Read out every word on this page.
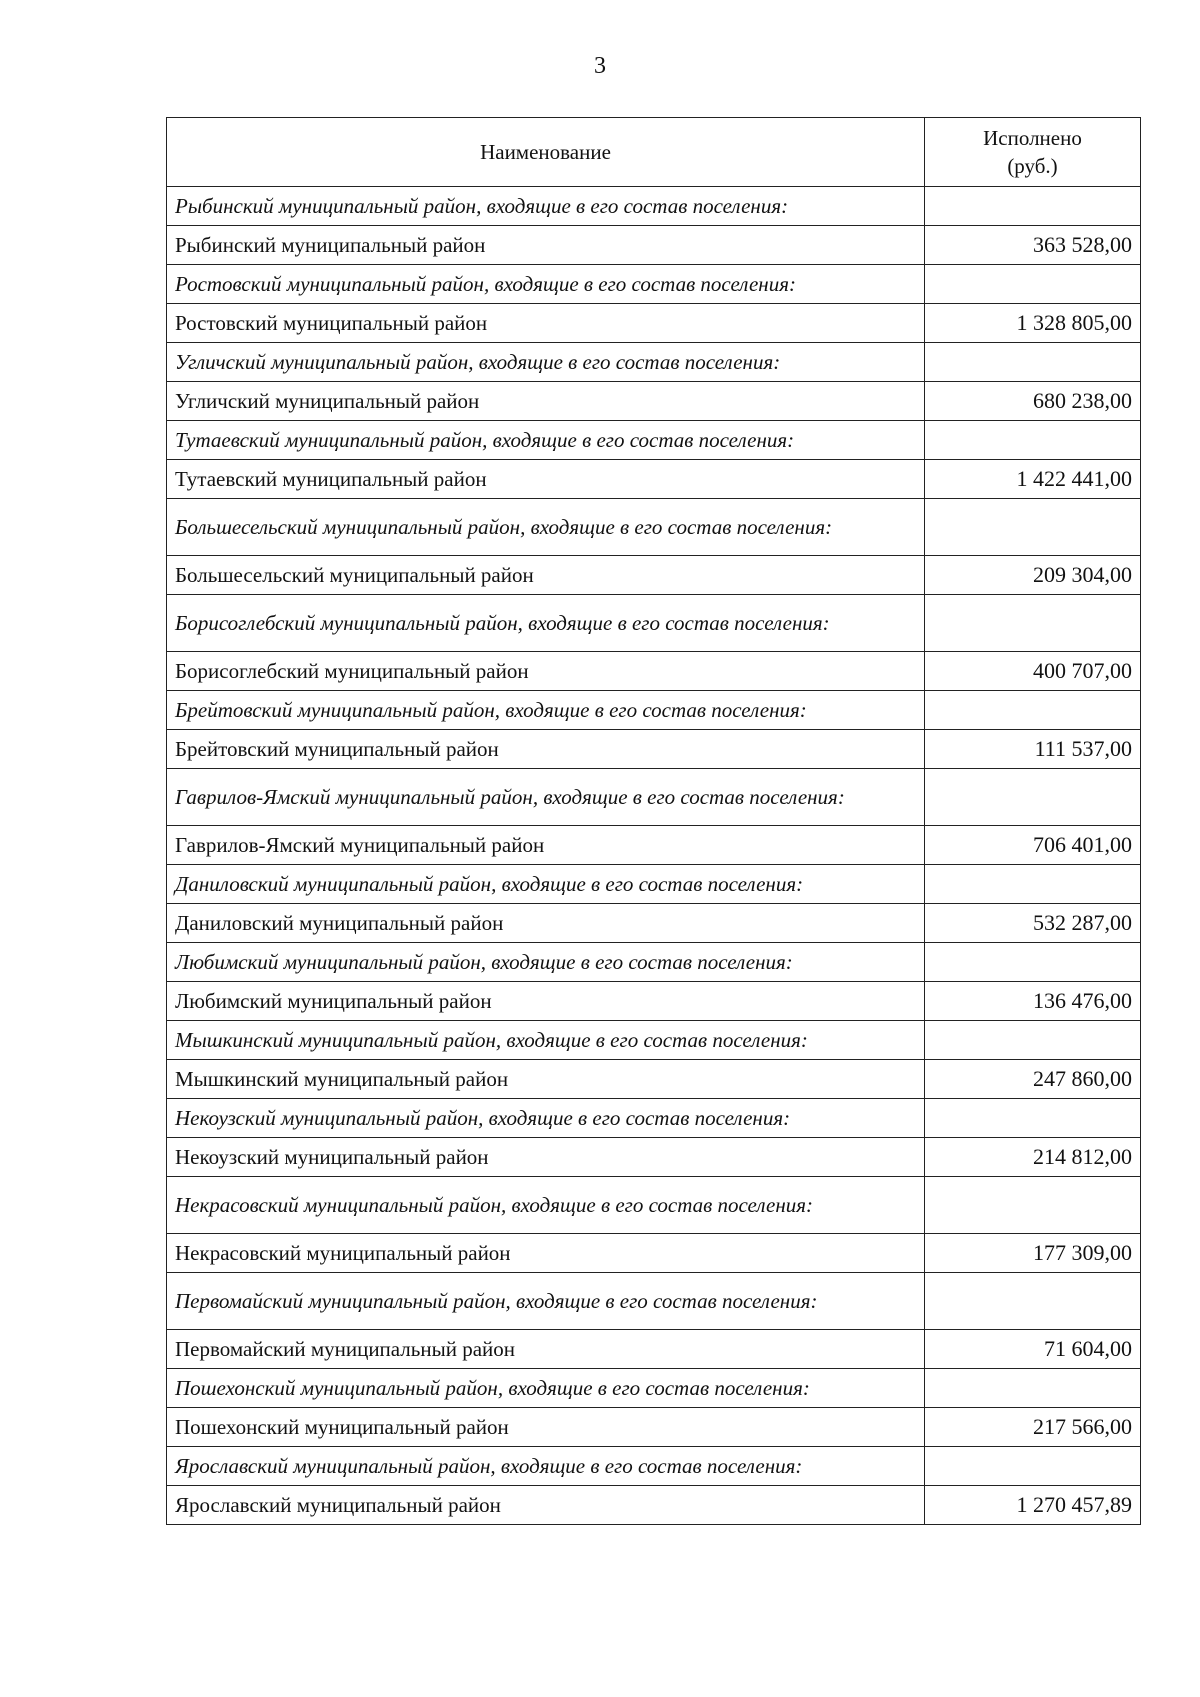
3
Наименование	Исполнено
(руб.)

Рыбинский муниципальный район, входящие в его состав поселения:	
Рыбинский муниципальный район	363 528,00
Ростовский муниципальный район, входящие в его состав поселения:	
Ростовский муниципальный район	1 328 805,00
Угличский муниципальный район, входящие в его состав поселения:	
Угличский муниципальный район	680 238,00
Тутаевский муниципальный район, входящие в его состав поселения:	
Тутаевский муниципальный район	1 422 441,00
Большесельский муниципальный район, входящие в его состав поселения:	
Большесельский муниципальный район	209 304,00
Борисоглебский муниципальный район, входящие в его состав поселения:	
Борисоглебский муниципальный район	400 707,00
Брейтовский муниципальный район, входящие в его состав поселения:	
Брейтовский муниципальный район	111 537,00
Гаврилов-Ямский муниципальный район, входящие в его состав поселения:	
Гаврилов-Ямский муниципальный район	706 401,00
Даниловский муниципальный район, входящие в его состав поселения:	
Даниловский муниципальный район	532 287,00
Любимский муниципальный район, входящие в его состав поселения:	
Любимский муниципальный район	136 476,00
Мышкинский муниципальный район, входящие в его состав поселения:	
Мышкинский муниципальный район	247 860,00
Некоузский муниципальный район, входящие в его состав поселения:	
Некоузский муниципальный район	214 812,00
Некрасовский муниципальный район, входящие в его состав поселения:	
Некрасовский муниципальный район	177 309,00
Первомайский муниципальный район, входящие в его состав поселения:	
Первомайский муниципальный район	71 604,00
Пошехонский муниципальный район, входящие в его состав поселения:	
Пошехонский муниципальный район	217 566,00
Ярославский муниципальный район, входящие в его состав поселения:	
Ярославский муниципальный район	1 270 457,89
